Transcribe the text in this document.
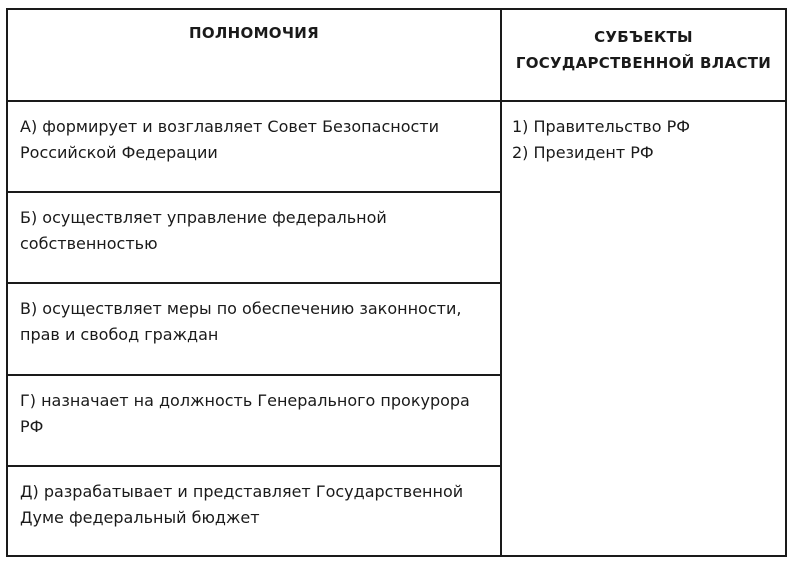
ПОЛНОМОЧИЯ	СУБЪЕКТЫ
ГОСУДАРСТВЕННОЙ ВЛАСТИ
А) формирует и возглавляет Совет Безопасности
Российской Федерации
Б) осуществляет управление федеральной
собственностью
В) осуществляет меры по обеспечению законности,
прав и свобод граждан
Г) назначает на должность Генерального прокурора
РФ
Д) разрабатывает и представляет Государственной
Думе федеральный бюджет
1) Правительство РФ
2) Президент РФ
